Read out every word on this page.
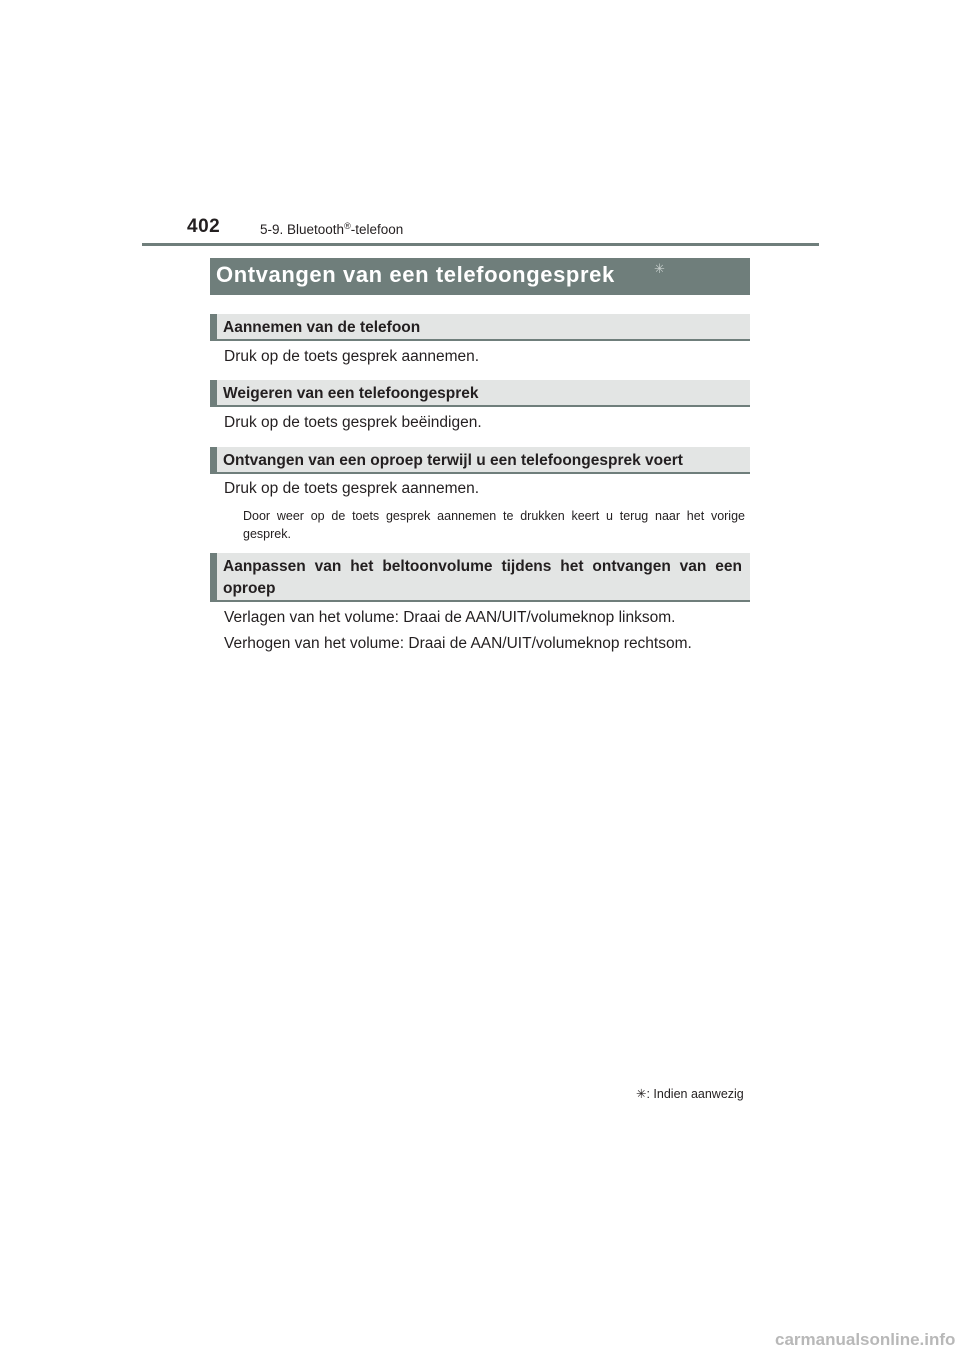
402	5-9. Bluetooth®-telefoon
Ontvangen van een telefoongesprek	✳
Aannemen van de telefoon
Druk op de toets gesprek aannemen.
Weigeren van een telefoongesprek
Druk op de toets gesprek beëindigen.
Ontvangen van een oproep terwijl u een telefoongesprek voert
Druk op de toets gesprek aannemen.
Door weer op de toets gesprek aannemen te drukken keert u terug naar het vorige gesprek.
Aanpassen van het beltoonvolume tijdens het ontvangen van een oproep
Verlagen van het volume: Draai de AAN/UIT/volumeknop linksom.
Verhogen van het volume: Draai de AAN/UIT/volumeknop rechtsom.
✳: Indien aanwezig
carmanualsonline.info
